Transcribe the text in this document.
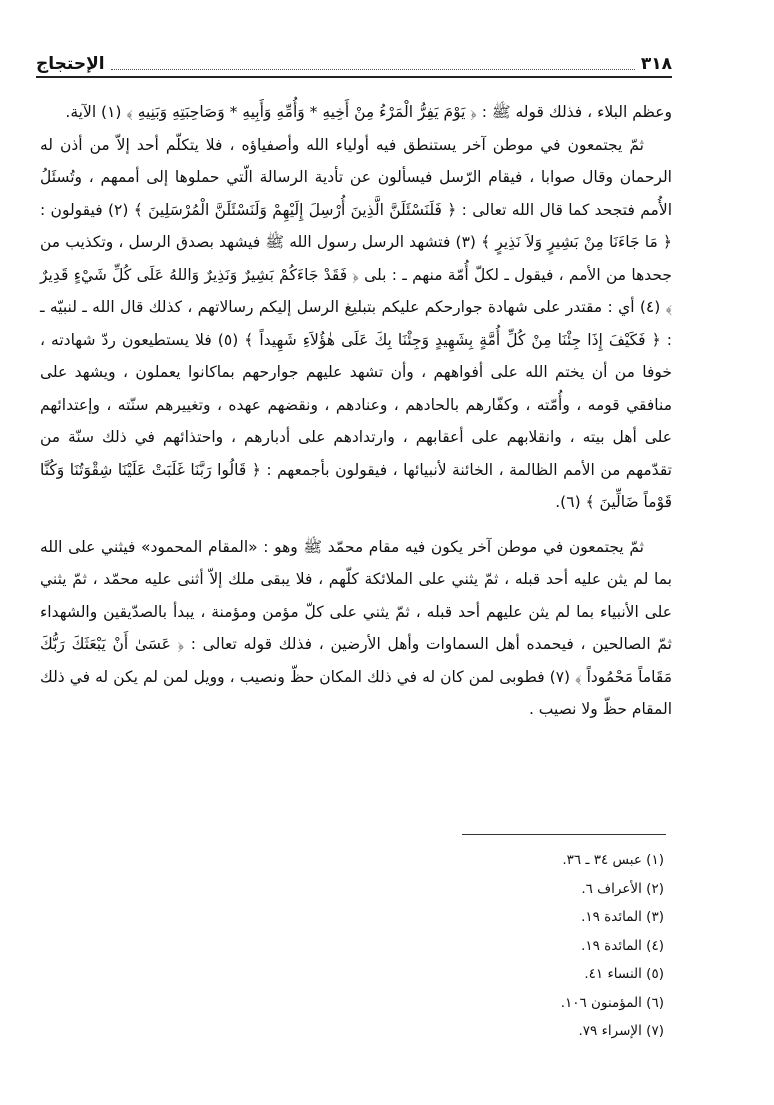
٣١٨
الإحتجاج

وعظم البلاء ، فذلك قوله ﷺ : ﴿ يَوْمَ يَفِرُّ الْمَرْءُ مِنْ أَخِيهِ * وَأُمِّهِ وَأَبِيهِ * وَصَاحِبَتِهِ وَبَنِيهِ ﴾ (١) الآية.

ثمّ يجتمعون في موطن آخر يستنطق فيه أولياء الله وأصفياؤه ، فلا يتكلّم أحد إلاّ من أذن له الرحمان وقال صوابا ، فيقام الرّسل فيسألون عن تأدية الرسالة الّتي حملوها إلى أممهم ، وتُسئَلُ الأُمم فتجحد كما قال الله تعالى : ﴿ فَلَنَسْئَلَنَّ الَّذِينَ أُرْسِلَ إِلَيْهِمْ وَلَنَسْئَلَنَّ الْمُرْسَلِينَ ﴾ (٢) فيقولون : ﴿ مَا جَاءَنَا مِنْ بَشِيرٍ وَلاَ نَذِيرٍ ﴾ (٣) فتشهد الرسل رسول الله ﷺ فيشهد بصدق الرسل ، وتكذيب من جحدها من الأمم ، فيقول ـ لكلّ أُمّة منهم ـ : بلى ﴿ فَقَدْ جَاءَكُمْ بَشِيرٌ وَنَذِيرٌ وَاللهُ عَلَى كُلِّ شَيْءٍ قَدِيرٌ ﴾ (٤) أي : مقتدر على شهادة جوارحكم عليكم بتبليغ الرسل إليكم رسالاتهم ، كذلك قال الله ـ لنبيّه ـ : ﴿ فَكَيْفَ إِذَا جِئْنَا مِنْ كُلِّ أُمَّةٍ بِشَهِيدٍ وَجِئْنَا بِكَ عَلَى هٰؤُلاَءِ شَهِيداً ﴾ (٥) فلا يستطيعون ردّ شهادته ، خوفا من أن يختم الله على أفواههم ، وأن تشهد عليهم جوارحهم بماكانوا يعملون ، ويشهد على منافقي قومه ، وأُمّته ، وكفّارهم بالحادهم ، وعنادهم ، ونقضهم عهده ، وتغييرهم سنّته ، وإعتدائهم على أهل بيته ، وانقلابهم على أعقابهم ، وارتدادهم على أدبارهم ، واحتذائهم في ذلك سنّة من تقدّمهم من الأمم الظالمة ، الخائنة لأنبيائها ، فيقولون بأجمعهم : ﴿ قَالُوا رَبَّنَا غَلَبَتْ عَلَيْنَا شِقْوَتُنَا وَكُنَّا قَوْماً ضَالِّينَ ﴾ (٦).

ثمّ يجتمعون في موطن آخر يكون فيه مقام محمّد ﷺ وهو : «المقام المحمود» فيثني على الله بما لم يثن عليه أحد قبله ، ثمّ يثني على الملائكة كلّهم ، فلا يبقى ملك إلاّ أثنى عليه محمّد ، ثمّ يثني على الأنبياء بما لم يثن عليهم أحد قبله ، ثمّ يثني على كلّ مؤمن ومؤمنة ، يبدأ بالصدّيقين والشهداء ثمّ الصالحين ، فيحمده أهل السماوات وأهل الأرضين ، فذلك قوله تعالى : ﴿ عَسَىٰ أَنْ يَبْعَثَكَ رَبُّكَ مَقَاماً مَحْمُوداً ﴾ (٧) فطوبى لمن كان له في ذلك المكان حظّ ونصيب ، وويل لمن لم يكن له في ذلك المقام حظّ ولا نصيب .

(١) عبس ٣٤ ـ ٣٦.
(٢) الأعراف ٦.
(٣) المائدة ١٩.
(٤) المائدة ١٩.
(٥) النساء ٤١.
(٦) المؤمنون ١٠٦.
(٧) الإسراء ٧٩.
